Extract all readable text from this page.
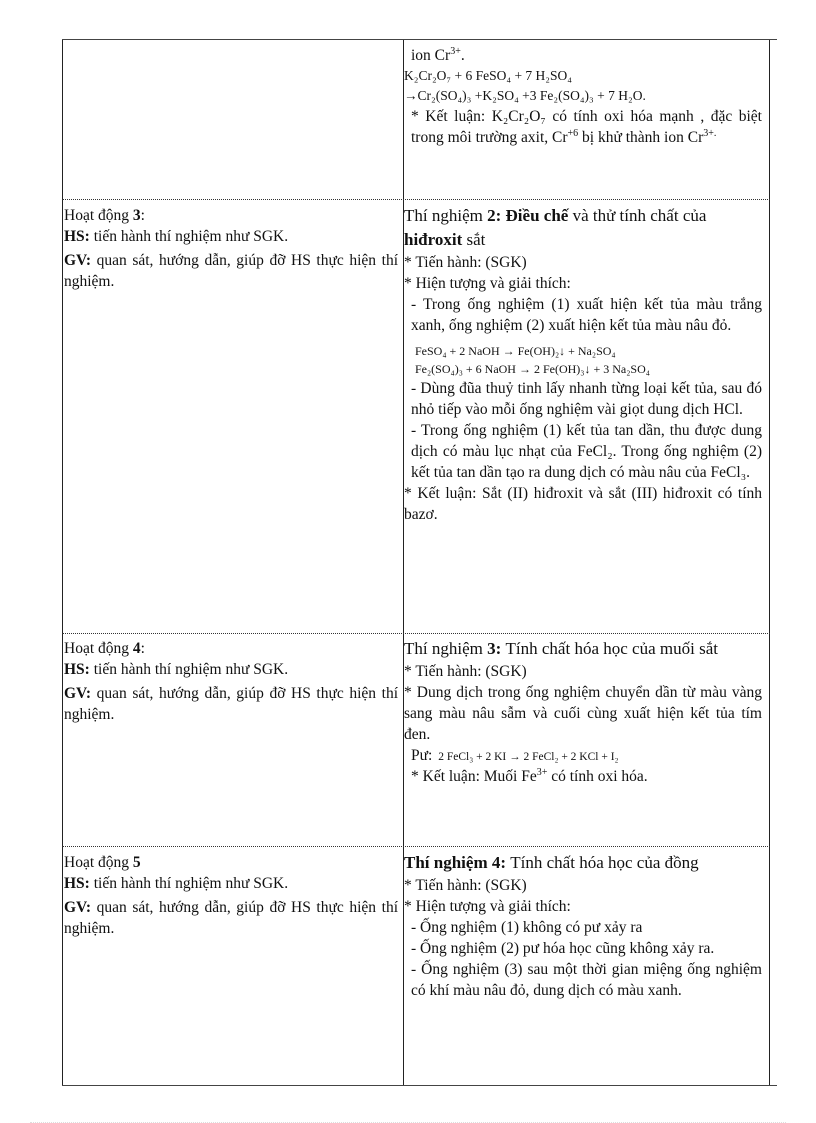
ion $Cr^{3+}$.

K₂Cr₂O₇ + 6 FeSO₄ + 7 H₂SO₄

→Cr₂(SO₄)₃ +K₂SO₄ +3 Fe₂(SO₄)₃ + 7 H₂O.

* Kết luận: K₂Cr₂O₇ có tính oxi hóa mạnh , đặc biệt trong môi trường axit, $Cr^{+6}$ bị khử thành ion $Cr^{3+.}$

Hoạt động 3:

HS: tiến hành thí nghiệm như SGK.

GV: quan sát, hướng dẫn, giúp đỡ HS thực hiện thí nghiệm.

Thí nghiệm 2: Điều chế và thử tính chất của hiđroxit sắt

* Tiến hành: (SGK)

* Hiện tượng và giải thích:

- Trong ống nghiệm (1) xuất hiện kết tủa màu trắng xanh, ống nghiệm (2) xuất hiện kết tủa màu nâu đỏ.

FeSO₄ + 2 NaOH → Fe(OH)₂↓ + Na₂SO₄

Fe₂(SO₄)₃ + 6 NaOH → 2 Fe(OH)₃↓ + 3 Na₂SO₄

- Dùng đũa thuỷ tinh lấy nhanh từng loại kết tủa, sau đó nhỏ tiếp vào mỗi ống nghiệm vài giọt dung dịch HCl.

- Trong ống nghiệm (1) kết tủa tan dần, thu được dung dịch có màu lục nhạt của FeCl₂. Trong ống nghiệm (2) kết tủa tan dần tạo ra dung dịch có màu nâu của FeCl₃.

* Kết luận: Sắt (II) hiđroxit và sắt (III) hiđroxit có tính bazơ.

Hoạt động 4:

HS: tiến hành thí nghiệm như SGK.

GV: quan sát, hướng dẫn, giúp đỡ HS thực hiện thí nghiệm.

Thí nghiệm 3: Tính chất hóa học của muối sắt

* Tiến hành: (SGK)

* Dung dịch trong ống nghiệm chuyển dần từ màu vàng sang màu nâu sẫm và cuối cùng xuất hiện kết tủa tím đen.

Pư: 2 FeCl₃ + 2 KI → 2 FeCl₂ + 2 KCl + I₂

* Kết luận: Muối $Fe^{3+}$ có tính oxi hóa.

Hoạt động 5

HS: tiến hành thí nghiệm như SGK.

GV: quan sát, hướng dẫn, giúp đỡ HS thực hiện thí nghiệm.

Thí nghiệm 4: Tính chất hóa học của đồng

* Tiến hành: (SGK)

* Hiện tượng và giải thích:

- Ống nghiệm (1) không có pư xảy ra

- Ống nghiệm (2) pư hóa học cũng không xảy ra.

- Ống nghiệm (3) sau một thời gian miệng ống nghiệm có khí màu nâu đỏ, dung dịch có màu xanh.
